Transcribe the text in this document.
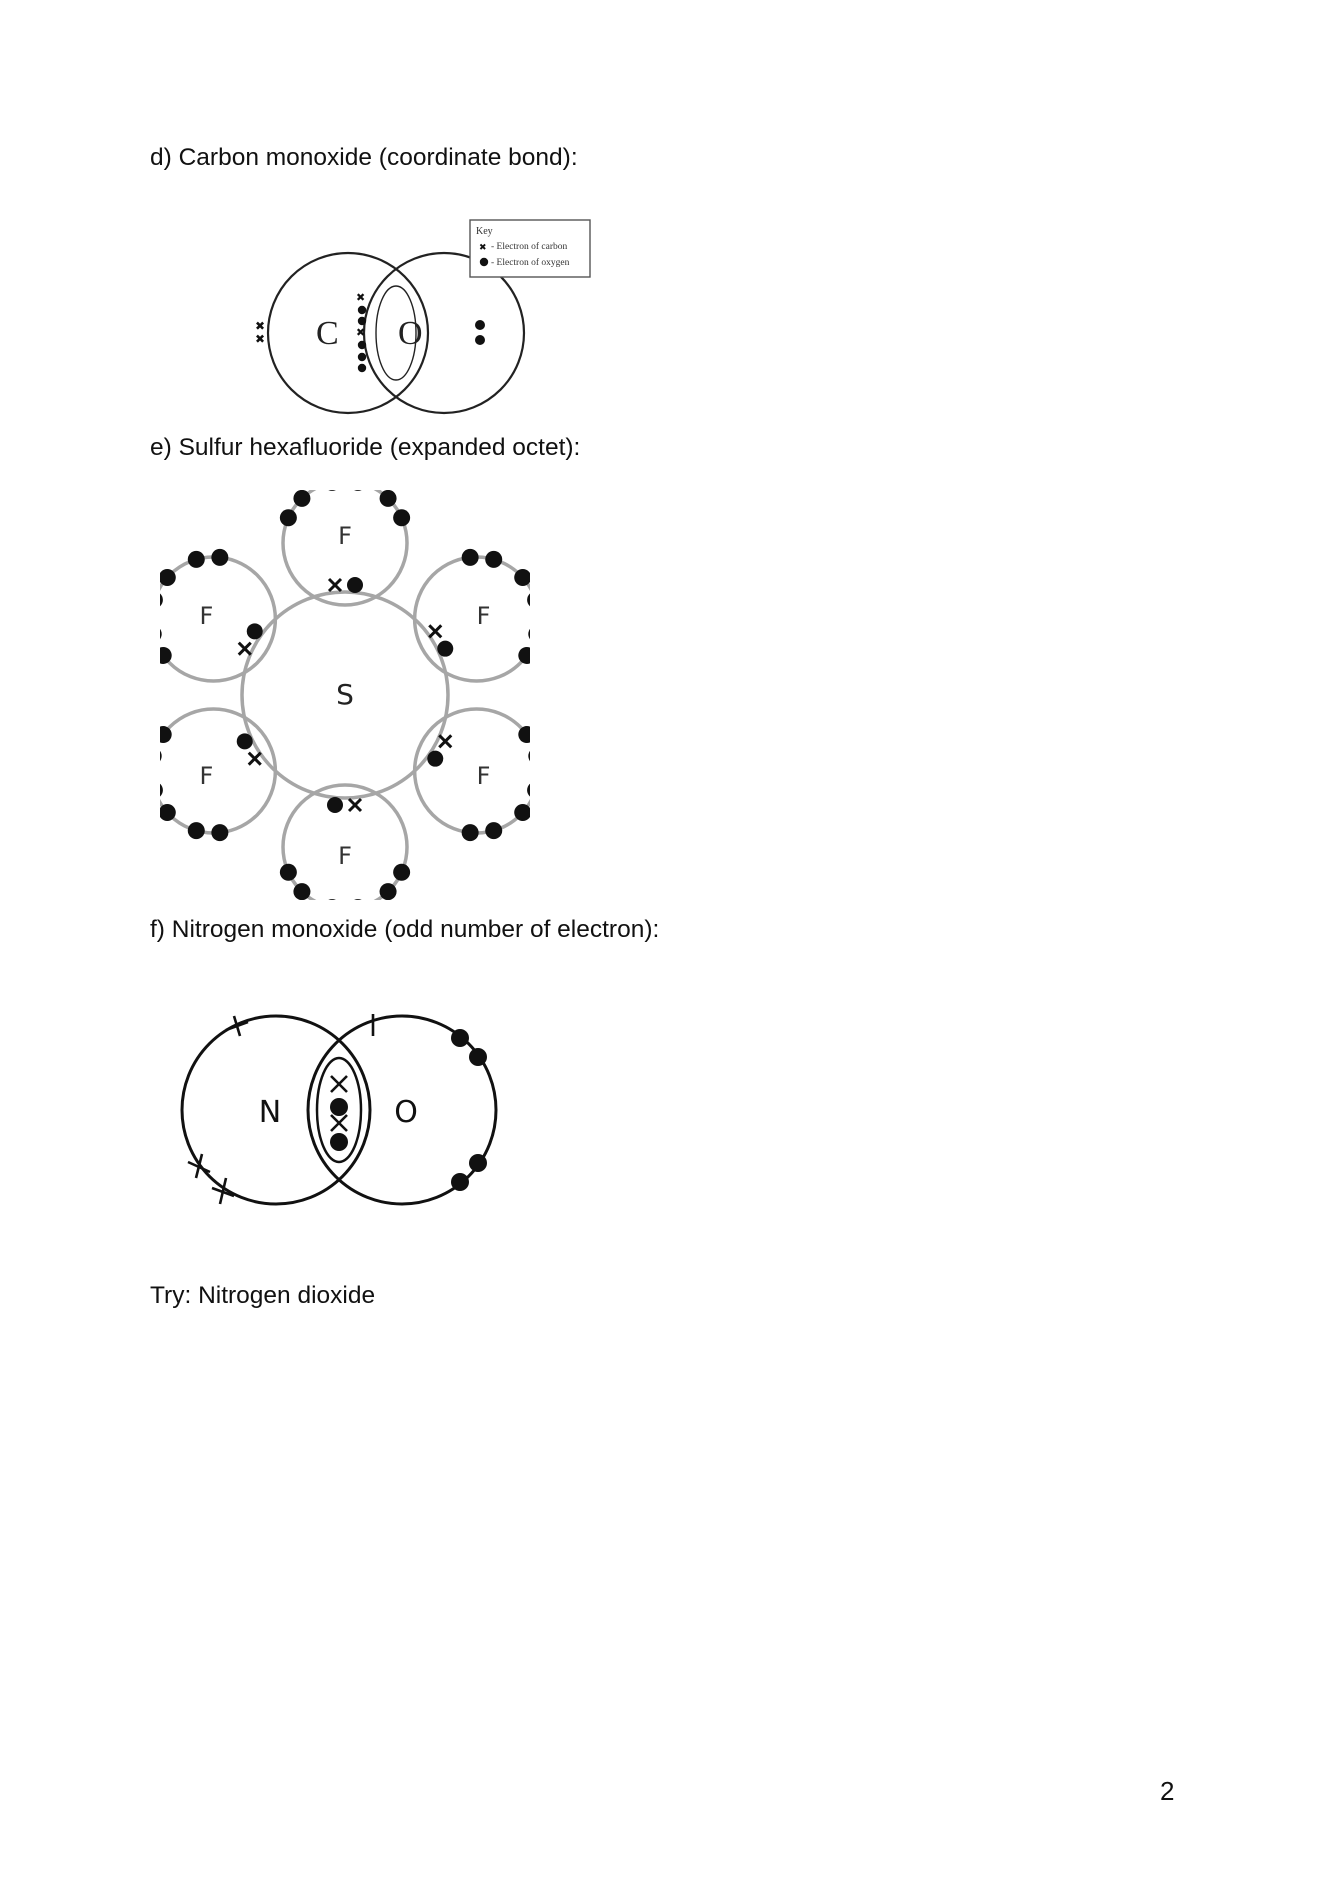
d) Carbon monoxide (coordinate bond):
C O
✖
✖
✖
✖
Key
✖ - Electron of carbon
- Electron of oxygen
e) Sulfur hexafluoride (expanded octet):
S
F
F
F
F
F
F
f) Nitrogen monoxide (odd number of electron):
N	O
Try: Nitrogen dioxide
2
